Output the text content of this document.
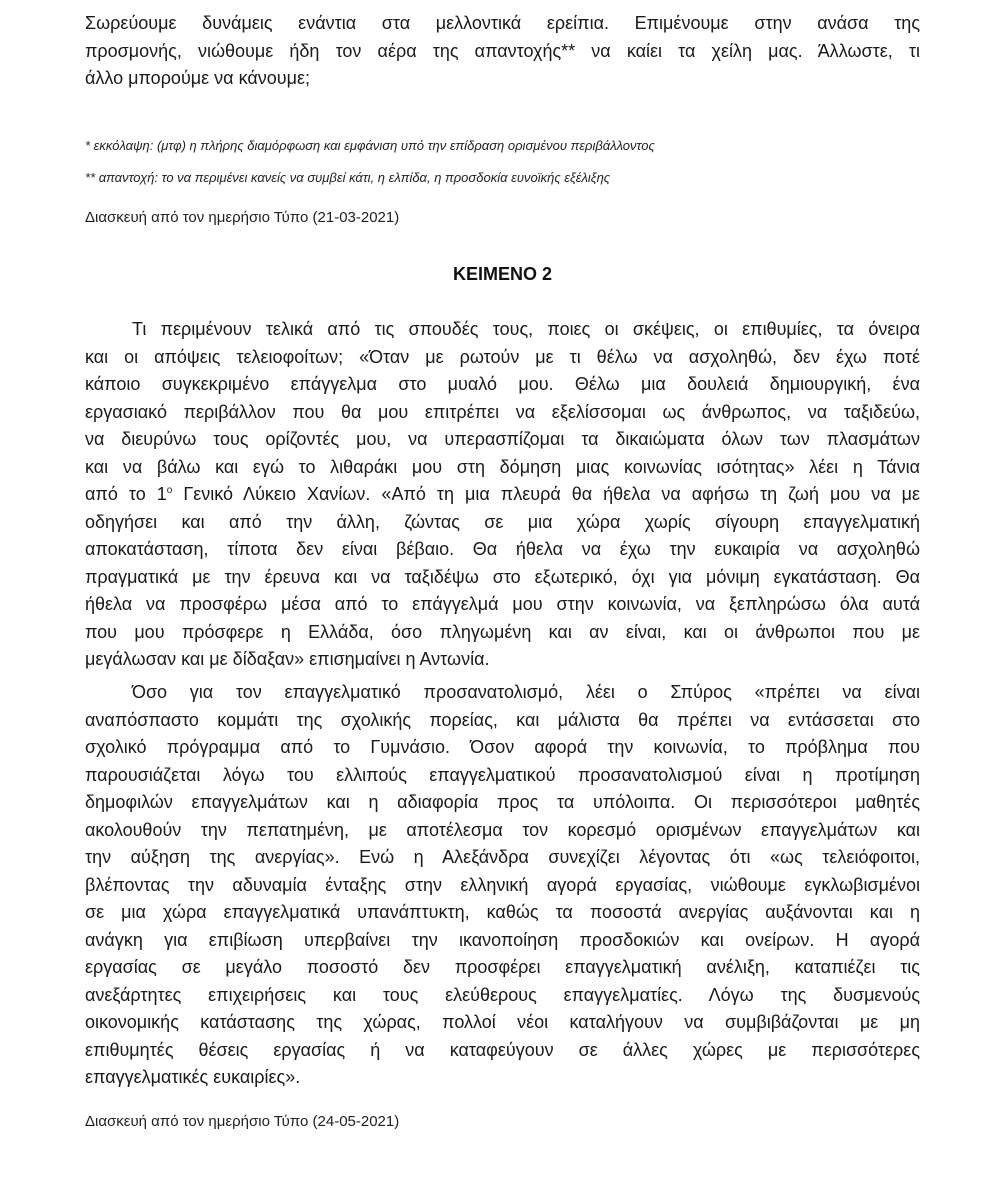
Σωρεύουμε δυνάμεις ενάντια στα μελλοντικά ερείπια. Επιμένουμε στην ανάσα της
προσμονής, νιώθουμε ήδη τον αέρα της απαντοχής** να καίει τα χείλη μας. Άλλωστε, τι
άλλο μπορούμε να κάνουμε;

* εκκόλαψη: (μτφ) η πλήρης διαμόρφωση και εμφάνιση υπό την επίδραση ορισμένου περιβάλλοντος

** απαντοχή: το να περιμένει κανείς να συμβεί κάτι, η ελπίδα, η προσδοκία ευνοϊκής εξέλιξης

Διασκευή από τον ημερήσιο Τύπο (21-03-2021)

ΚΕΙΜΕΝΟ 2
Τι περιμένουν τελικά από τις σπουδές τους, ποιες οι σκέψεις, οι επιθυμίες, τα όνειρα
και οι απόψεις τελειοφοίτων; «Όταν με ρωτούν με τι θέλω να ασχοληθώ, δεν έχω ποτέ
κάποιο συγκεκριμένο επάγγελμα στο μυαλό μου. Θέλω μια δουλειά δημιουργική, ένα
εργασιακό περιβάλλον που θα μου επιτρέπει να εξελίσσομαι ως άνθρωπος, να ταξιδεύω,
να διευρύνω τους ορίζοντές μου, να υπερασπίζομαι τα δικαιώματα όλων των πλασμάτων
και να βάλω και εγώ το λιθαράκι μου στη δόμηση μιας κοινωνίας ισότητας» λέει η Τάνια
από το $1^o$ Γενικό Λύκειο Χανίων. «Από τη μια πλευρά θα ήθελα να αφήσω τη ζωή μου να με
οδηγήσει και από την άλλη, ζώντας σε μια χώρα χωρίς σίγουρη επαγγελματική
αποκατάσταση, τίποτα δεν είναι βέβαιο. Θα ήθελα να έχω την ευκαιρία να ασχοληθώ
πραγματικά με την έρευνα και να ταξιδέψω στο εξωτερικό, όχι για μόνιμη εγκατάσταση. Θα
ήθελα να προσφέρω μέσα από το επάγγελμά μου στην κοινωνία, να ξεπληρώσω όλα αυτά
που μου πρόσφερε η Ελλάδα, όσο πληγωμένη και αν είναι, και οι άνθρωποι που με
μεγάλωσαν και με δίδαξαν» επισημαίνει η Αντωνία.
Όσο για τον επαγγελματικό προσανατολισμό, λέει ο Σπύρος «πρέπει να είναι
αναπόσπαστο κομμάτι της σχολικής πορείας, και μάλιστα θα πρέπει να εντάσσεται στο
σχολικό πρόγραμμα από το Γυμνάσιο. Όσον αφορά την κοινωνία, το πρόβλημα που
παρουσιάζεται λόγω του ελλιπούς επαγγελματικού προσανατολισμού είναι η προτίμηση
δημοφιλών επαγγελμάτων και η αδιαφορία προς τα υπόλοιπα. Οι περισσότεροι μαθητές
ακολουθούν την πεπατημένη, με αποτέλεσμα τον κορεσμό ορισμένων επαγγελμάτων και
την αύξηση της ανεργίας». Ενώ η Αλεξάνδρα συνεχίζει λέγοντας ότι «ως τελειόφοιτοι,
βλέποντας την αδυναμία ένταξης στην ελληνική αγορά εργασίας, νιώθουμε εγκλωβισμένοι
σε μια χώρα επαγγελματικά υπανάπτυκτη, καθώς τα ποσοστά ανεργίας αυξάνονται και η
ανάγκη για επιβίωση υπερβαίνει την ικανοποίηση προσδοκιών και ονείρων. Η αγορά
εργασίας σε μεγάλο ποσοστό δεν προσφέρει επαγγελματική ανέλιξη, καταπιέζει τις
ανεξάρτητες επιχειρήσεις και τους ελεύθερους επαγγελματίες. Λόγω της δυσμενούς
οικονομικής κατάστασης της χώρας, πολλοί νέοι καταλήγουν να συμβιβάζονται με μη
επιθυμητές θέσεις εργασίας ή να καταφεύγουν σε άλλες χώρες με περισσότερες
επαγγελματικές ευκαιρίες».

Διασκευή από τον ημερήσιο Τύπο (24-05-2021)
